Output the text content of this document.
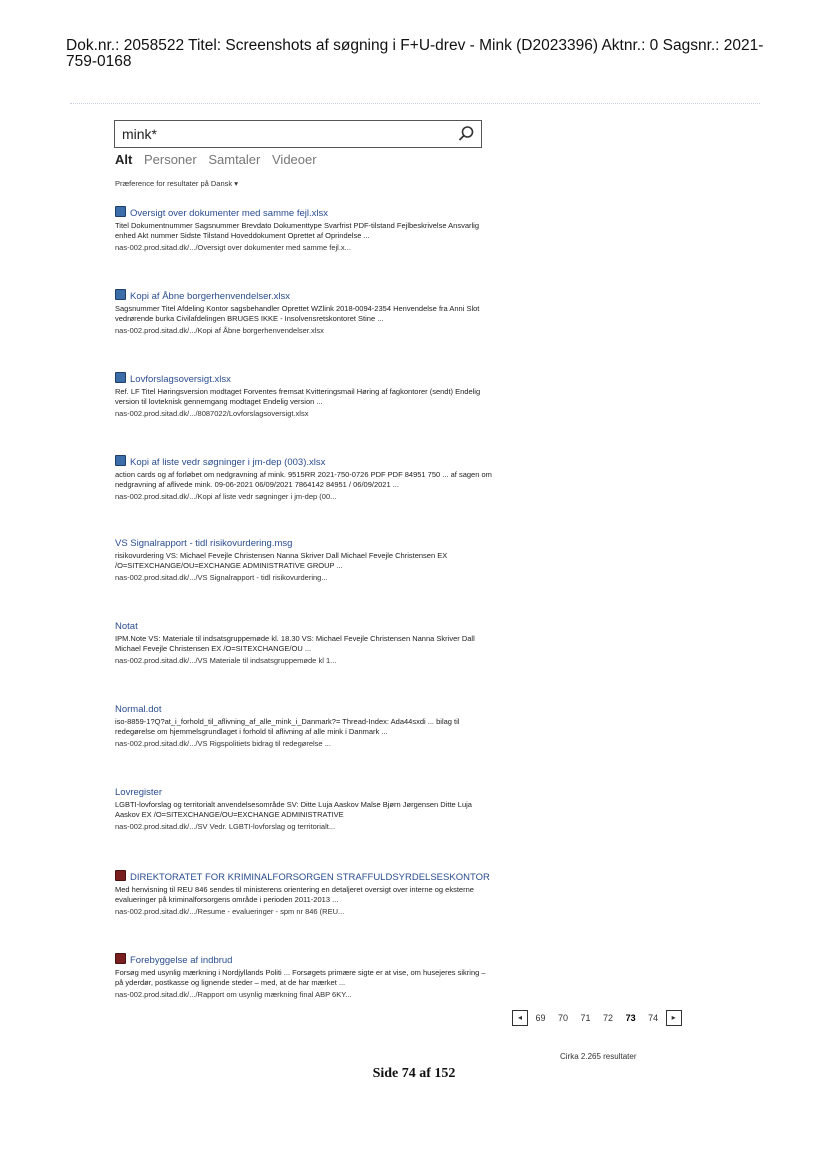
Dok.nr.: 2058522 Titel: Screenshots af søgning i F+U-drev - Mink (D2023396) Aktnr.: 0 Sagsnr.: 2021-759-0168
mink*
Alt Personer Samtaler Videoer
Præference for resultater på Dansk ▾
Oversigt over dokumenter med samme fejl.xlsx
Titel Dokumentnummer Sagsnummer Brevdato Dokumenttype Svarfrist PDF-tilstand Fejlbeskrivelse Ansvarlig enhed Akt nummer Sidste Tilstand Hoveddokument Oprettet af Oprindelse ...
nas-002.prod.sitad.dk/.../Oversigt over dokumenter med samme fejl.x...
Kopi af Åbne borgerhenvendelser.xlsx
Sagsnummer Titel Afdeling Kontor sagsbehandler Oprettet WZlink 2018-0094-2354 Henvendelse fra Anni Slot vedrørende burka Civilafdelingen BRUGES IKKE - Insolvensretskontoret Stine ...
nas-002.prod.sitad.dk/.../Kopi af Åbne borgerhenvendelser.xlsx
Lovforslagsoversigt.xlsx
Ref. LF Titel Høringsversion modtaget Forventes fremsat Kvitteringsmail Høring af fagkontorer (sendt) Endelig version til lovteknisk gennemgang modtaget Endelig version ...
nas-002.prod.sitad.dk/.../8087022/Lovforslagsoversigt.xlsx
Kopi af liste vedr søgninger i jm-dep (003).xlsx
action cards og af forløbet om nedgravning af mink. 9515RR 2021-750-0726 PDF PDF 84951 750 ... af sagen om nedgravning af aflivede mink. 09-06-2021 06/09/2021 7864142 84951 / 06/09/2021 ...
nas-002.prod.sitad.dk/.../Kopi af liste vedr søgninger i jm-dep (00...
VS Signalrapport - tidl risikovurdering.msg
risikovurdering VS: Michael Fevejle Christensen Nanna Skriver Dall Michael Fevejle Christensen EX /O=SITEXCHANGE/OU=EXCHANGE ADMINISTRATIVE GROUP ...
nas-002.prod.sitad.dk/.../VS Signalrapport - tidl risikovurdering...
Notat
IPM.Note VS: Materiale til indsatsgruppemøde kl. 18.30 VS: Michael Fevejle Christensen Nanna Skriver Dall Michael Fevejle Christensen EX /O=SITEXCHANGE/OU ...
nas-002.prod.sitad.dk/.../VS Materiale til indsatsgruppemøde kl 1...
Normal.dot
iso-8859-1?Q?at_i_forhold_til_aflivning_af_alle_mink_i_Danmark?= Thread-Index: Ada44sxdi ... bilag til redegørelse om hjemmelsgrundlaget i forhold til aflivning af alle mink i Danmark ...
nas-002.prod.sitad.dk/.../VS Rigspolitiets bidrag til redegørelse ...
Lovregister
LGBTI-lovforslag og territorialt anvendelsesområde SV: Ditte Luja Aaskov Malse Bjørn Jørgensen Ditte Luja Aaskov EX /O=SITEXCHANGE/OU=EXCHANGE ADMINISTRATIVE
nas-002.prod.sitad.dk/.../SV Vedr. LGBTI-lovforslag og territorialt...
DIREKTORATET FOR KRIMINALFORSORGEN STRAFFULDSYRDELSESKONTOR
Med henvisning til REU 846 sendes til ministerens orientering en detaljeret oversigt over interne og eksterne evalueringer på kriminalforsorgens område i perioden 2011-2013 ...
nas-002.prod.sitad.dk/.../Resume - evalueringer - spm nr 846 (REU...
Forebyggelse af indbrud
Forsøg med usynlig mærkning i Nordjyllands Politi ... Forsøgets primære sigte er at vise, om husejeres sikring – på yderdør, postkasse og lignende steder – med, at de har mærket ...
nas-002.prod.sitad.dk/.../Rapport om usynlig mærkning final ABP 6KY...
◂ 69 70 71 72 73 74 ▸
Cirka 2.265 resultater
Side 74 af 152
